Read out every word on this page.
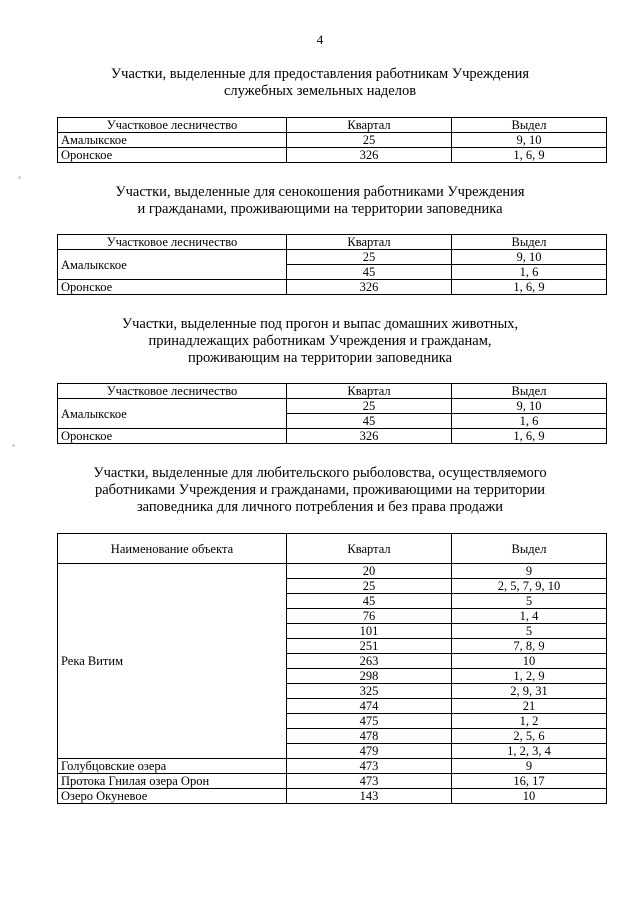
4
Участки, выделенные для предоставления работникам Учреждения
служебных земельных наделов
Участковое лесничество	Квартал	Выдел
Амалыкское	25	9, 10
Оронское	326	1, 6, 9
Участки, выделенные для сенокошения работниками Учреждения
и гражданами, проживающими на территории заповедника
Участковое лесничество	Квартал	Выдел
Амалыкское	25	9, 10
	45	1, 6
Оронское	326	1, 6, 9
Участки, выделенные под прогон и выпас домашних животных,
принадлежащих работникам Учреждения и гражданам,
проживающим на территории заповедника
Участковое лесничество	Квартал	Выдел
Амалыкское	25	9, 10
	45	1, 6
Оронское	326	1, 6, 9
Участки, выделенные для любительского рыболовства, осуществляемого
работниками Учреждения и гражданами, проживающими на территории
заповедника для личного потребления и без права продажи
Наименование объекта	Квартал	Выдел
Река Витим	20	9
	25	2, 5, 7, 9, 10
	45	5
	76	1, 4
	101	5
	251	7, 8, 9
	263	10
	298	1, 2, 9
	325	2, 9, 31
	474	21
	475	1, 2
	478	2, 5, 6
	479	1, 2, 3, 4
Голубцовские озера	473	9
Протока Гнилая озера Орон	473	16, 17
Озеро Окуневое	143	10
